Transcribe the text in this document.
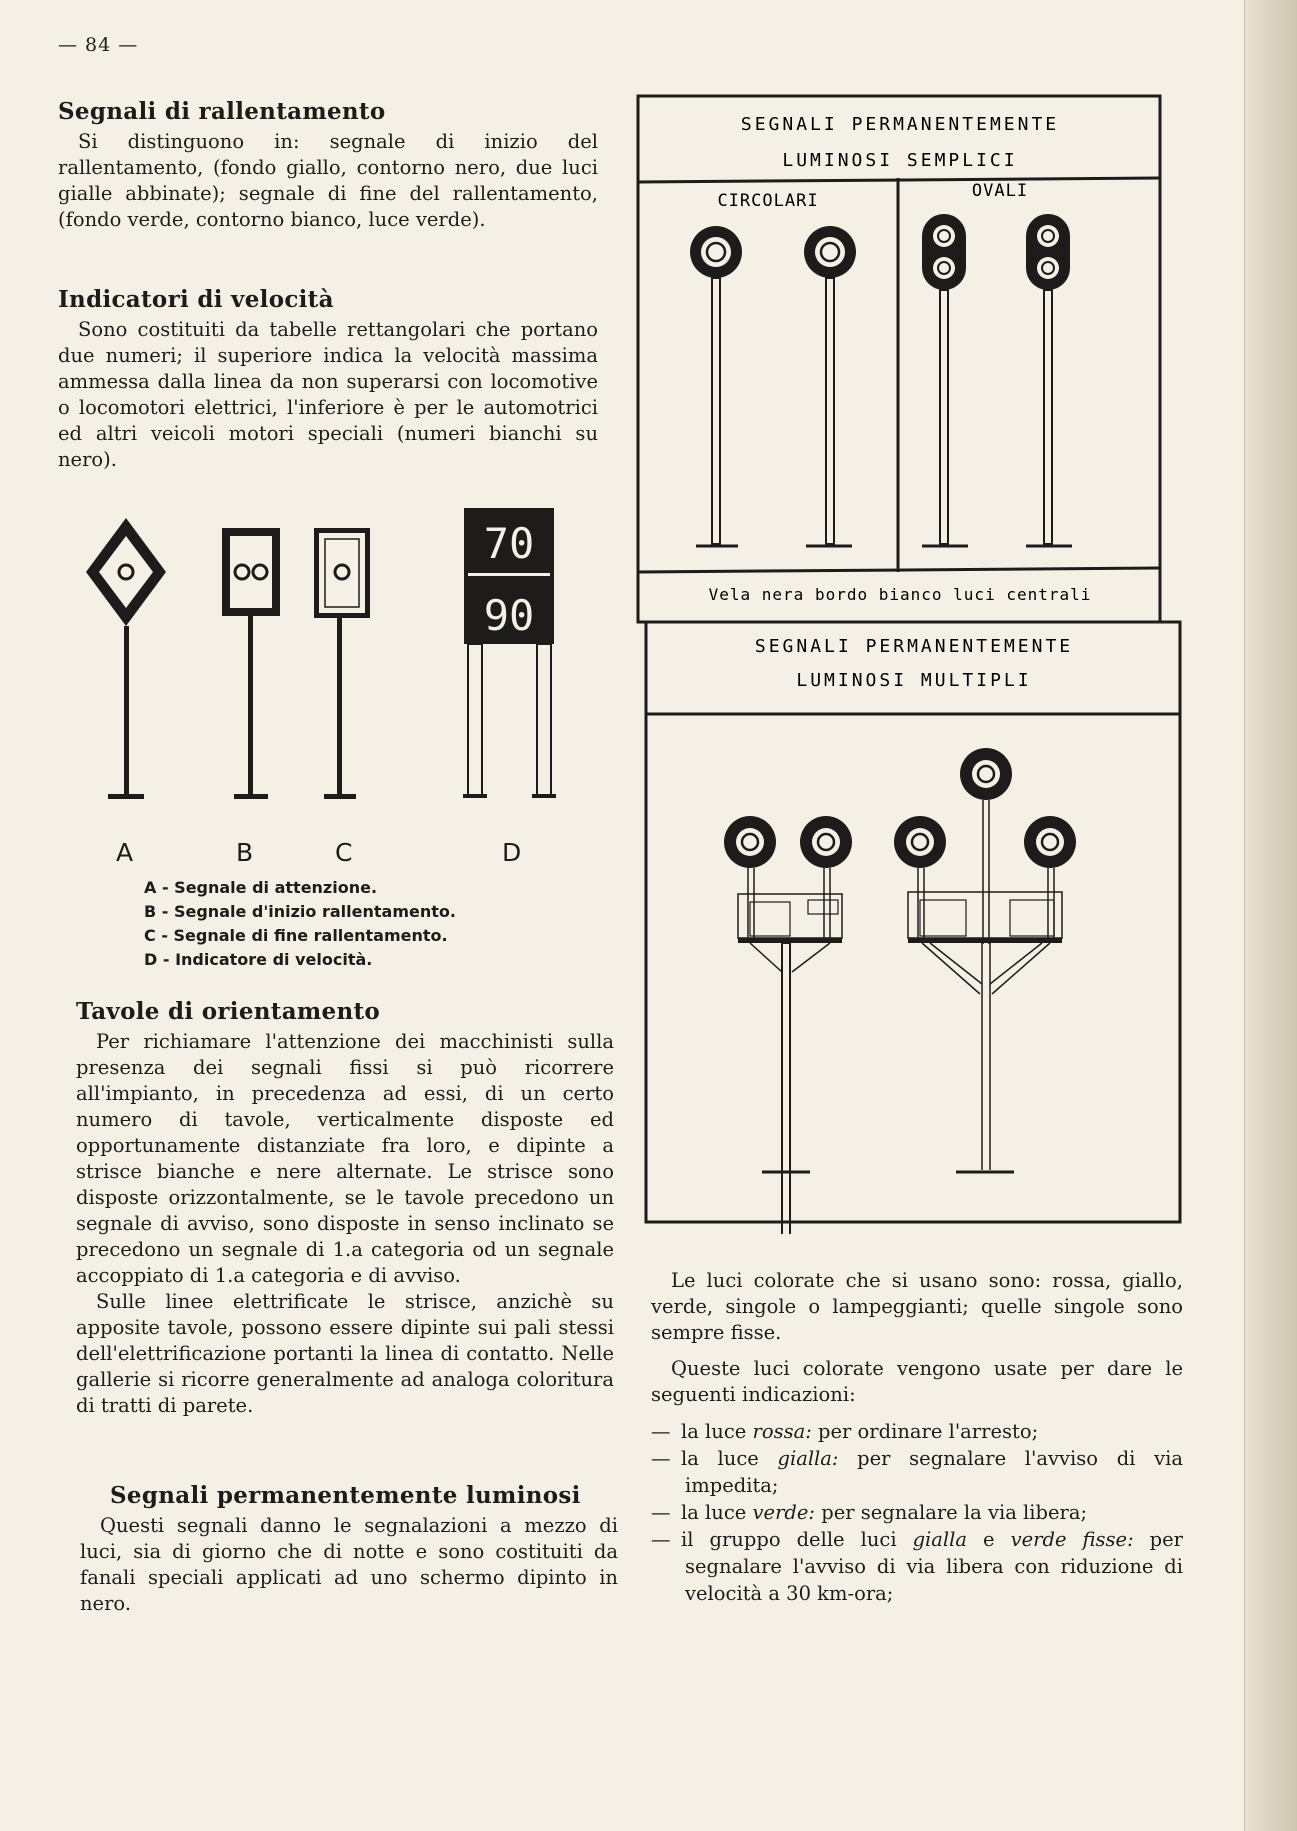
— 84 —
Segnali di rallentamento

Si distinguono in: segnale di inizio del rallentamento, (fondo giallo, contorno nero, due luci gialle abbinate); segnale di fine del rallentamento, (fondo verde, contorno bianco, luce verde).

Indicatori di velocità

Sono costituiti da tabelle rettangolari che portano due numeri; il superiore indica la velocità massima ammessa dalla linea da non superarsi con locomotive o locomotori elettrici, l'inferiore è per le automotrici ed altri veicoli motori speciali (numeri bianchi su nero).

70
90
A	B	C	D
A - Segnale di attenzione.
B - Segnale d'inizio rallentamento.
C - Segnale di fine rallentamento.
D - Indicatore di velocità.
Tavole di orientamento

Per richiamare l'attenzione dei macchinisti sulla presenza dei segnali fissi si può ricorrere all'impianto, in precedenza ad essi, di un certo numero di tavole, verticalmente disposte ed opportunamente distanziate fra loro, e dipinte a strisce bianche e nere alternate. Le strisce sono disposte orizzontalmente, se le tavole precedono un segnale di avviso, sono disposte in senso inclinato se precedono un segnale di 1.a categoria od un segnale accoppiato di 1.a categoria e di avviso.

Sulle linee elettrificate le strisce, anzichè su apposite tavole, possono essere dipinte sui pali stessi dell'elettrificazione portanti la linea di contatto. Nelle gallerie si ricorre generalmente ad analoga coloritura di tratti di parete.

Segnali permanentemente luminosi

Questi segnali danno le segnalazioni a mezzo di luci, sia di giorno che di notte e sono costituiti da fanali speciali applicati ad uno schermo dipinto in nero.

SEGNALI PERMANENTEMENTE
LUMINOSI SEMPLICI
CIRCOLARI	OVALI
Vela nera bordo bianco luci centrali
SEGNALI PERMANENTEMENTE
LUMINOSI MULTIPLI

Le luci colorate che si usano sono: rossa, giallo, verde, singole o lampeggianti; quelle singole sono sempre fisse.

Queste luci colorate vengono usate per dare le seguenti indicazioni:

— la luce rossa: per ordinare l'arresto;
— la luce gialla: per segnalare l'avviso di via impedita;
— la luce verde: per segnalare la via libera;
— il gruppo delle luci gialla e verde fisse: per segnalare l'avviso di via libera con riduzione di velocità a 30 km-ora;
